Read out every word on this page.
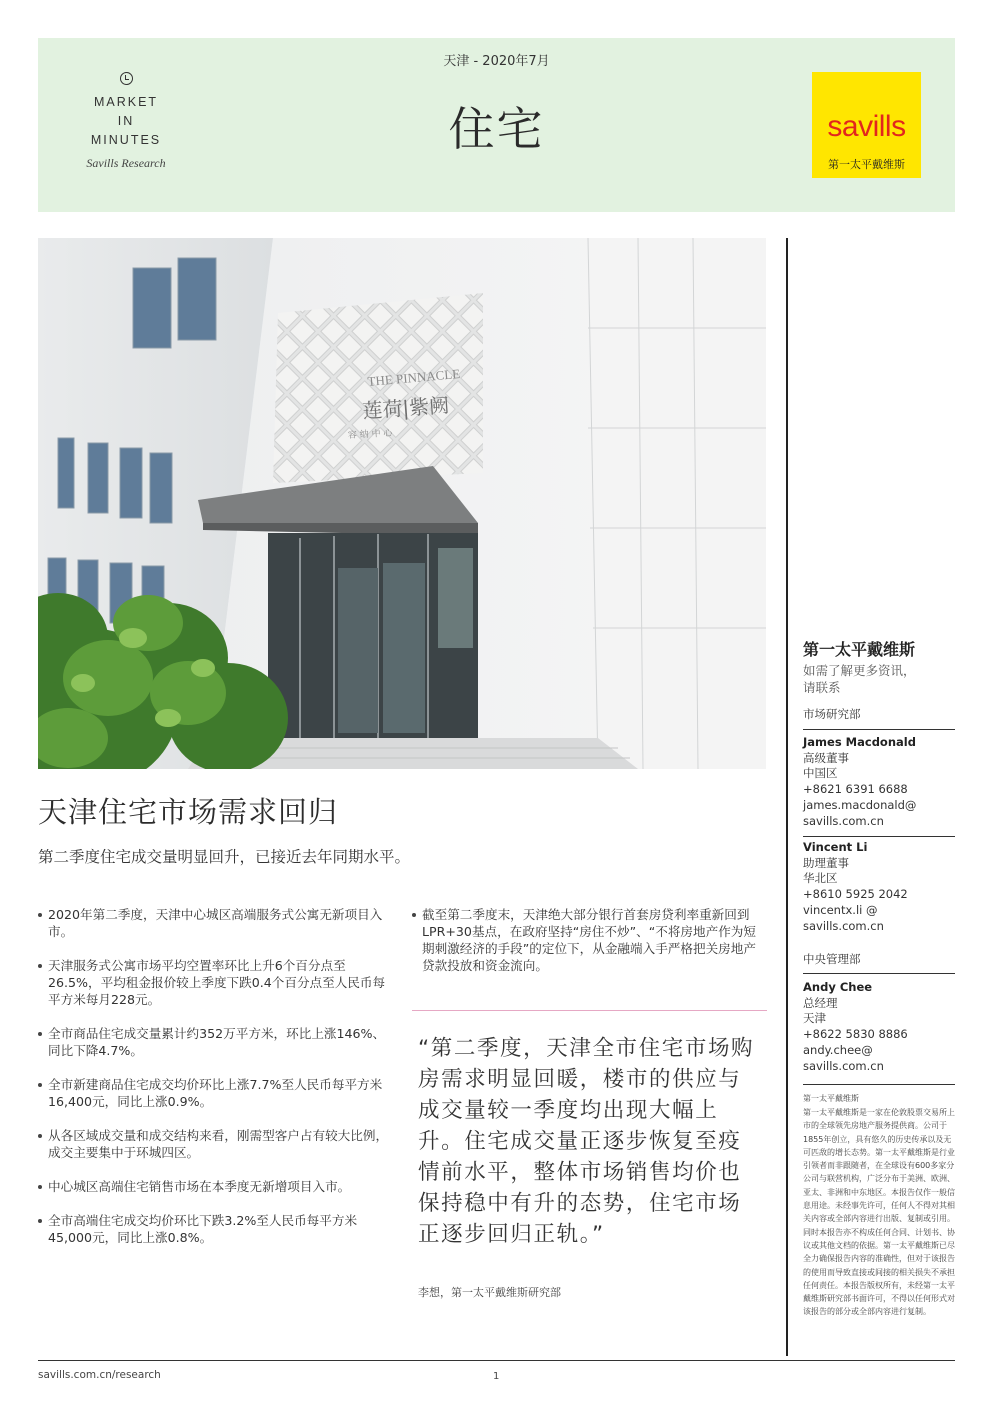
MARKET
IN
MINUTES
Savills Research
天津 - 2020年7月
住宅	savills
第一太平戴维斯
THE PINNACLE
莲荷|紫阙
容 纳 中 心
天津住宅市场需求回归
第二季度住宅成交量明显回升，已接近去年同期水平。
2020年第二季度，天津中心城区高端服务式公寓无新项目入市。
天津服务式公寓市场平均空置率环比上升6个百分点至26.5%，平均租金报价较上季度下跌0.4个百分点至人民币每平方米每月228元。
全市商品住宅成交量累计约352万平方米，环比上涨146%、同比下降4.7%。
全市新建商品住宅成交均价环比上涨7.7%至人民币每平方米16,400元，同比上涨0.9%。
从各区域成交量和成交结构来看，刚需型客户占有较大比例，成交主要集中于环城四区。
中心城区高端住宅销售市场在本季度无新增项目入市。
全市高端住宅成交均价环比下跌3.2%至人民币每平方米45,000元，同比上涨0.8%。
截至第二季度末，天津绝大部分银行首套房贷利率重新回到LPR+30基点，在政府坚持“房住不炒”、“不将房地产作为短期刺激经济的手段”的定位下，从金融端入手严格把关房地产贷款投放和资金流向。
“第二季度，天津全市住宅市场购房需求明显回暖，楼市的供应与成交量较一季度均出现大幅上升。住宅成交量正逐步恢复至疫情前水平，整体市场销售均价也保持稳中有升的态势，住宅市场正逐步回归正轨。”
李想，第一太平戴维斯研究部
第一太平戴维斯
如需了解更多资讯，
请联系
市场研究部
James Macdonald
高级董事
中国区
+8621 6391 6688
james.macdonald@
savills.com.cn
Vincent Li
助理董事
华北区
+8610 5925 2042
vincentx.li @
savills.com.cn
中央管理部
Andy Chee
总经理
天津
+8622 5830 8886
andy.chee@
savills.com.cn
第一太平戴维斯
第一太平戴维斯是一家在伦敦股票交易所上市的全球领先房地产服务提供商。公司于1855年创立，具有悠久的历史传承以及无可匹敌的增长态势。第一太平戴维斯是行业引领者而非跟随者，在全球设有600多家分公司与联营机构，广泛分布于美洲、欧洲、亚太、非洲和中东地区。本报告仅作一般信息用途。未经事先许可，任何人不得对其相关内容或全部内容进行出版、复制或引用。同时本报告亦不构成任何合同、计划书、协议或其他文档的依据。第一太平戴维斯已尽全力确保报告内容的准确性，但对于该报告的使用而导致直接或间接的相关损失不承担任何责任。本报告版权所有，未经第一太平戴维斯研究部书面许可，不得以任何形式对该报告的部分或全部内容进行复制。
savills.com.cn/research	1
